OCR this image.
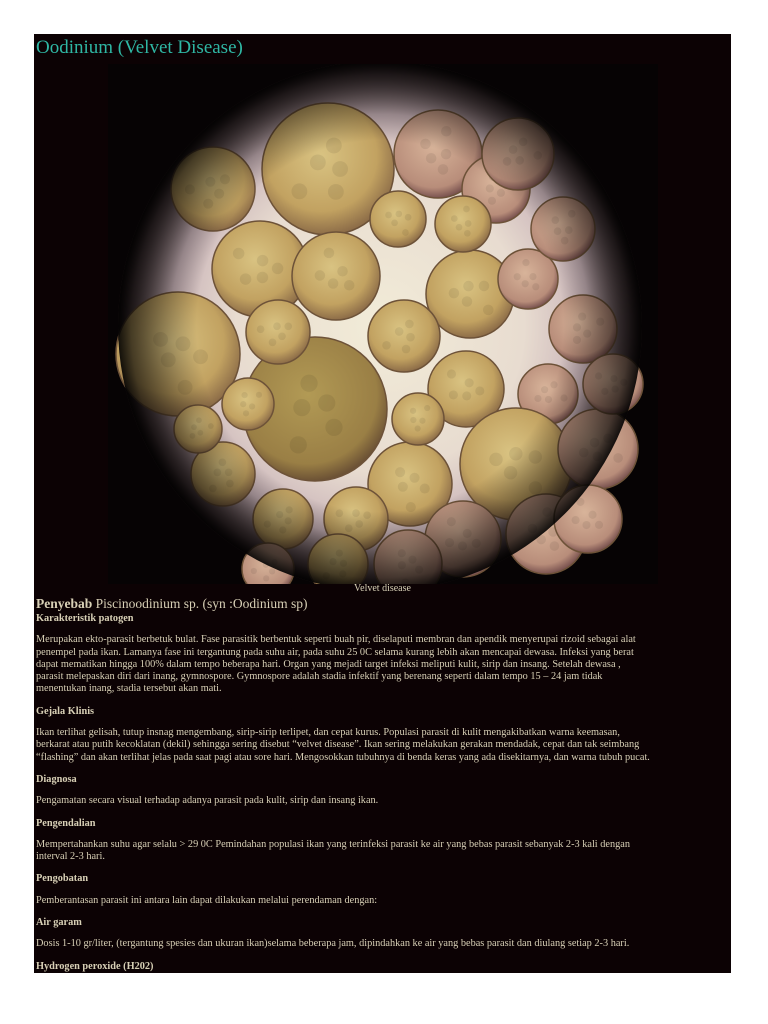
Oodinium (Velvet Disease)
Velvet disease
Penyebab Piscinoodinium sp. (syn :Oodinium sp)

Karakteristik patogen

Merupakan ekto-parasit berbetuk bulat. Fase parasitik berbentuk seperti buah pir, diselaputi membran dan apendik menyerupai rizoid sebagai alat

penempel pada ikan. Lamanya fase ini tergantung pada suhu air, pada suhu 25 0C selama kurang lebih akan mencapai dewasa. Infeksi yang berat

dapat mematikan hingga 100% dalam tempo beberapa hari. Organ yang mejadi target infeksi meliputi kulit, sirip dan insang. Setelah dewasa ,

parasit melepaskan diri dari inang, gymnospore. Gymnospore adalah stadia infektif yang berenang seperti dalam tempo 15 – 24 jam tidak

menentukan inang, stadia tersebut akan mati.

Gejala Klinis

Ikan terlihat gelisah, tutup insnag mengembang, sirip-sirip terlipet, dan cepat kurus. Populasi parasit di kulit mengakibatkan warna keemasan,

berkarat atau putih kecoklatan (dekil) sehingga sering disebut “velvet disease”. Ikan sering melakukan gerakan mendadak, cepat dan tak seimbang

“flashing” dan akan terlihat jelas pada saat pagi atau sore hari. Mengosokkan tubuhnya di benda keras yang ada disekitarnya, dan warna tubuh pucat.

Diagnosa

Pengamatan secara visual terhadap adanya parasit pada kulit, sirip dan insang ikan.

Pengendalian

Mempertahankan suhu agar selalu > 29 0C Pemindahan populasi ikan yang terinfeksi parasit ke air yang bebas parasit sebanyak 2-3 kali dengan

interval 2-3 hari.

Pengobatan

Pemberantasan parasit ini antara lain dapat dilakukan melalui perendaman dengan:

Air garam

Dosis 1-10 gr/liter, (tergantung spesies dan ukuran ikan)selama beberapa jam, dipindahkan ke air yang bebas parasit dan diulang setiap 2-3 hari.

Hydrogen peroxide (H202)
